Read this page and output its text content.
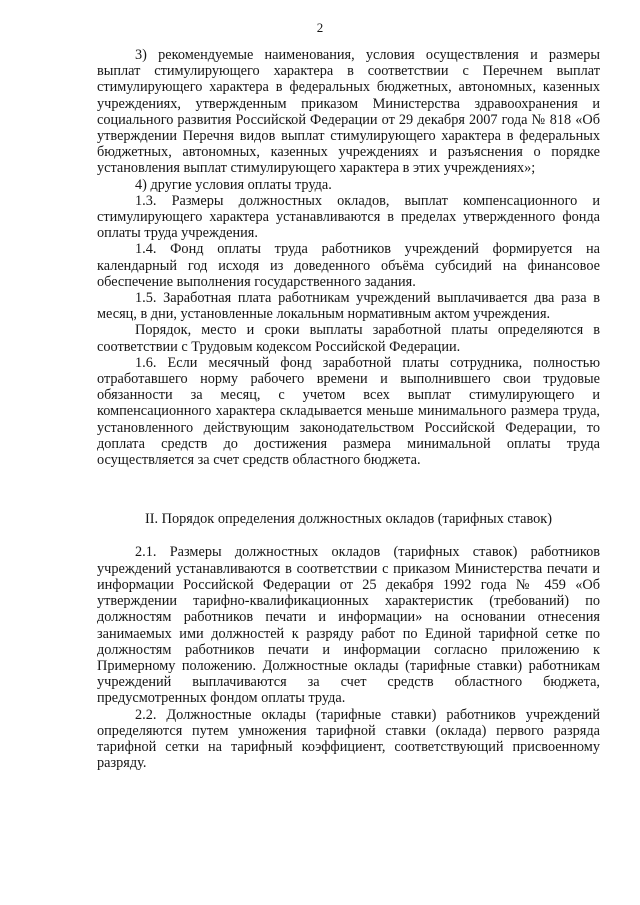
2

3) рекомендуемые наименования, условия осуществления и размеры выплат стимулирующего характера в соответствии с Перечнем выплат стимулирующего характера в федеральных бюджетных, автономных, казенных учреждениях, утвержденным приказом Министерства здравоохранения и социального развития Российской Федерации от 29 декабря 2007 года № 818 «Об утверждении Перечня видов выплат стимулирующего характера в федеральных бюджетных, автономных, казенных учреждениях и разъяснения о порядке установления выплат стимулирующего характера в этих учреждениях»;

4) другие условия оплаты труда.

1.3. Размеры должностных окладов, выплат компенсационного и стимулирующего характера устанавливаются в пределах утвержденного фонда оплаты труда учреждения.

1.4. Фонд оплаты труда работников учреждений формируется на календарный год исходя из доведенного объёма субсидий на финансовое обеспечение выполнения государственного задания.

1.5. Заработная плата работникам учреждений выплачивается два раза в месяц, в дни, установленные локальным нормативным актом учреждения.

Порядок, место и сроки выплаты заработной платы определяются в соответствии с Трудовым кодексом Российской Федерации.

1.6. Если месячный фонд заработной платы сотрудника, полностью отработавшего норму рабочего времени и выполнившего свои трудовые обязанности за месяц, с учетом всех выплат стимулирующего и компенсационного характера складывается меньше минимального размера труда, установленного действующим законодательством Российской Федерации, то доплата средств до достижения размера минимальной оплаты труда осуществляется за счет средств областного бюджета.

II. Порядок определения должностных окладов (тарифных ставок)

2.1. Размеры должностных окладов (тарифных ставок) работников учреждений устанавливаются в соответствии с приказом Министерства печати и информации Российской Федерации от 25 декабря 1992 года № 459 «Об утверждении тарифно-квалификационных характеристик (требований) по должностям работников печати и информации» на основании отнесения занимаемых ими должностей к разряду работ по Единой тарифной сетке по должностям работников печати и информации согласно приложению к Примерному положению. Должностные оклады (тарифные ставки) работникам учреждений выплачиваются за счет средств областного бюджета, предусмотренных фондом оплаты труда.

2.2. Должностные оклады (тарифные ставки) работников учреждений определяются путем умножения тарифной ставки (оклада) первого разряда тарифной сетки на тарифный коэффициент, соответствующий присвоенному разряду.
